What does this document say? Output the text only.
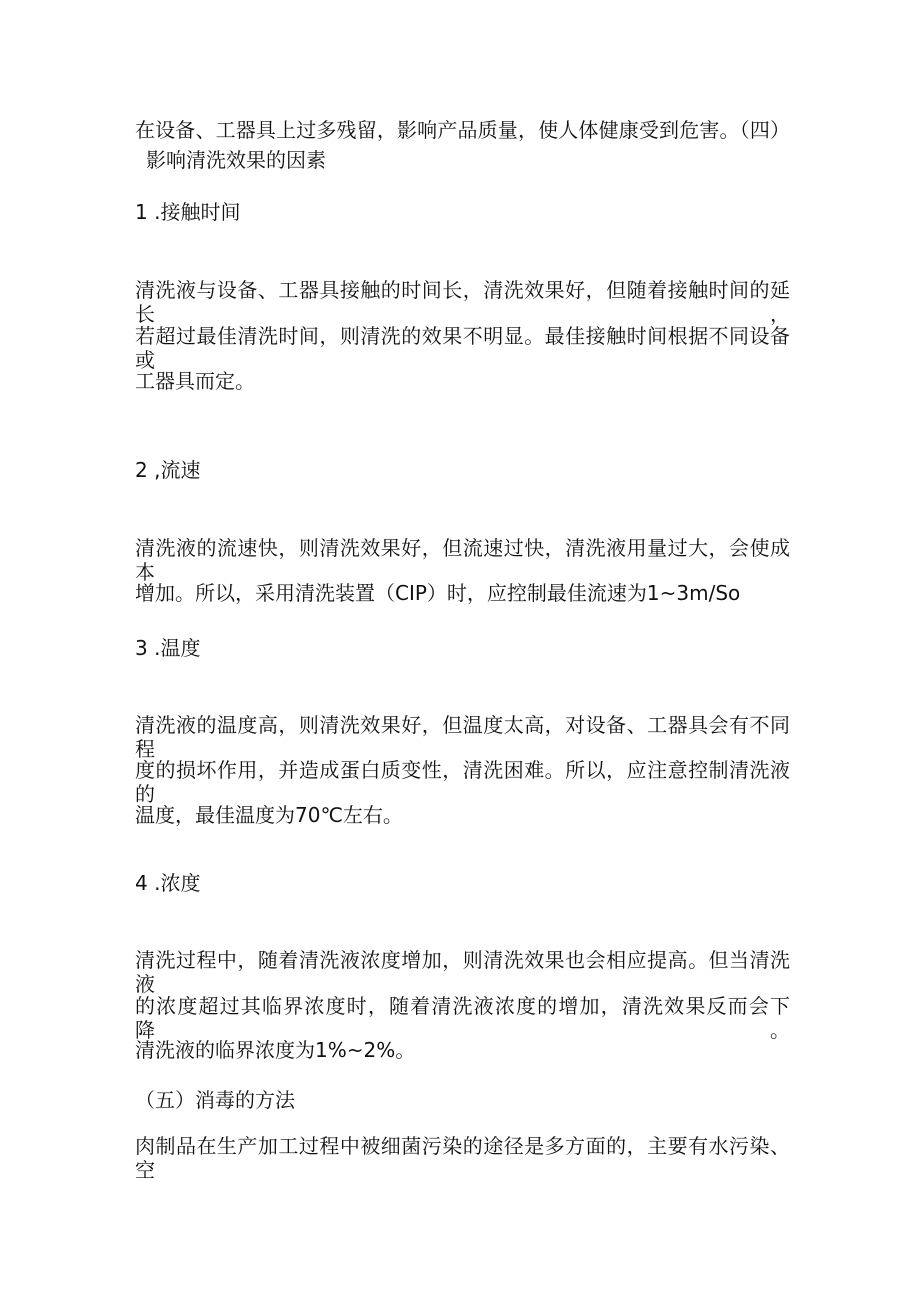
在设备、工器具上过多残留，影响产品质量，使人体健康受到危害。（四）
影响清洗效果的因素
1 .接触时间
清洗液与设备、工器具接触的时间长，清洗效果好，但随着接触时间的延长，
若超过最佳清洗时间，则清洗的效果不明显。最佳接触时间根据不同设备或
工器具而定。
2 ,流速
清洗液的流速快，则清洗效果好，但流速过快，清洗液用量过大，会使成本
增加。所以，采用清洗装置（CIP）时，应控制最佳流速为1~3m/So
3 .温度
清洗液的温度高，则清洗效果好，但温度太高，对设备、工器具会有不同程
度的损坏作用，并造成蛋白质变性，清洗困难。所以，应注意控制清洗液的
温度，最佳温度为70℃左右。
4 .浓度
清洗过程中，随着清洗液浓度增加，则清洗效果也会相应提高。但当清洗液
的浓度超过其临界浓度时，随着清洗液浓度的增加，清洗效果反而会下降。
清洗液的临界浓度为1%~2%。
（五）消毒的方法
肉制品在生产加工过程中被细菌污染的途径是多方面的，主要有水污染、空
